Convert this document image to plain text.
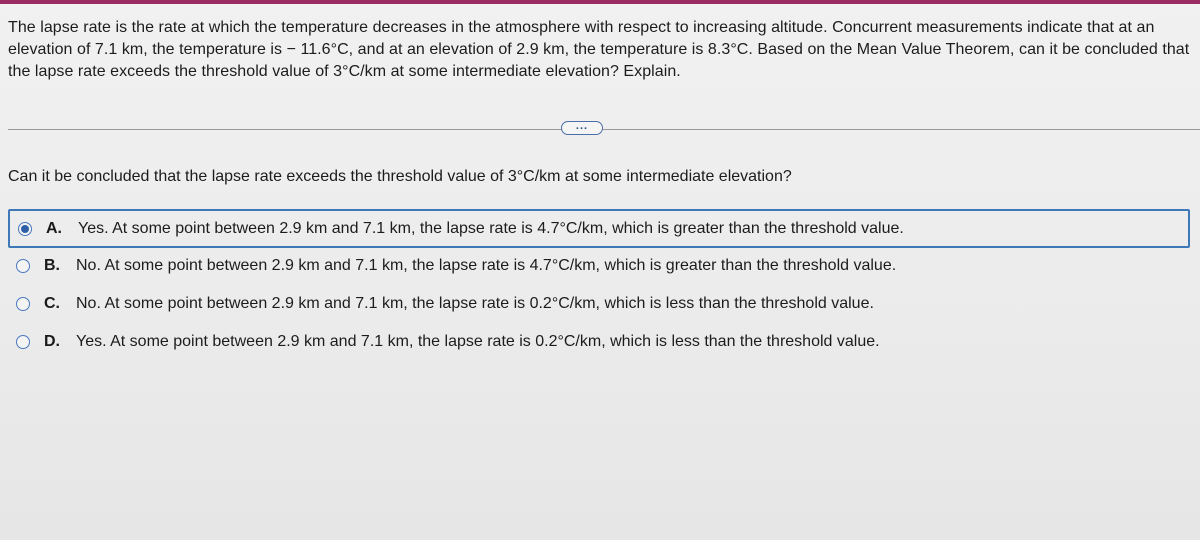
The lapse rate is the rate at which the temperature decreases in the atmosphere with respect to increasing altitude. Concurrent measurements indicate that at an elevation of 7.1 km, the temperature is − 11.6°C, and at an elevation of 2.9 km, the temperature is 8.3°C. Based on the Mean Value Theorem, can it be concluded that the lapse rate exceeds the threshold value of 3°C/km at some intermediate elevation? Explain.
...
Can it be concluded that the lapse rate exceeds the threshold value of 3°C/km at some intermediate elevation?
A.	Yes. At some point between 2.9 km and 7.1 km, the lapse rate is 4.7°C/km, which is greater than the threshold value.
B.	No. At some point between 2.9 km and 7.1 km, the lapse rate is 4.7°C/km, which is greater than the threshold value.
C.	No. At some point between 2.9 km and 7.1 km, the lapse rate is 0.2°C/km, which is less than the threshold value.
D.	Yes. At some point between 2.9 km and 7.1 km, the lapse rate is 0.2°C/km, which is less than the threshold value.
